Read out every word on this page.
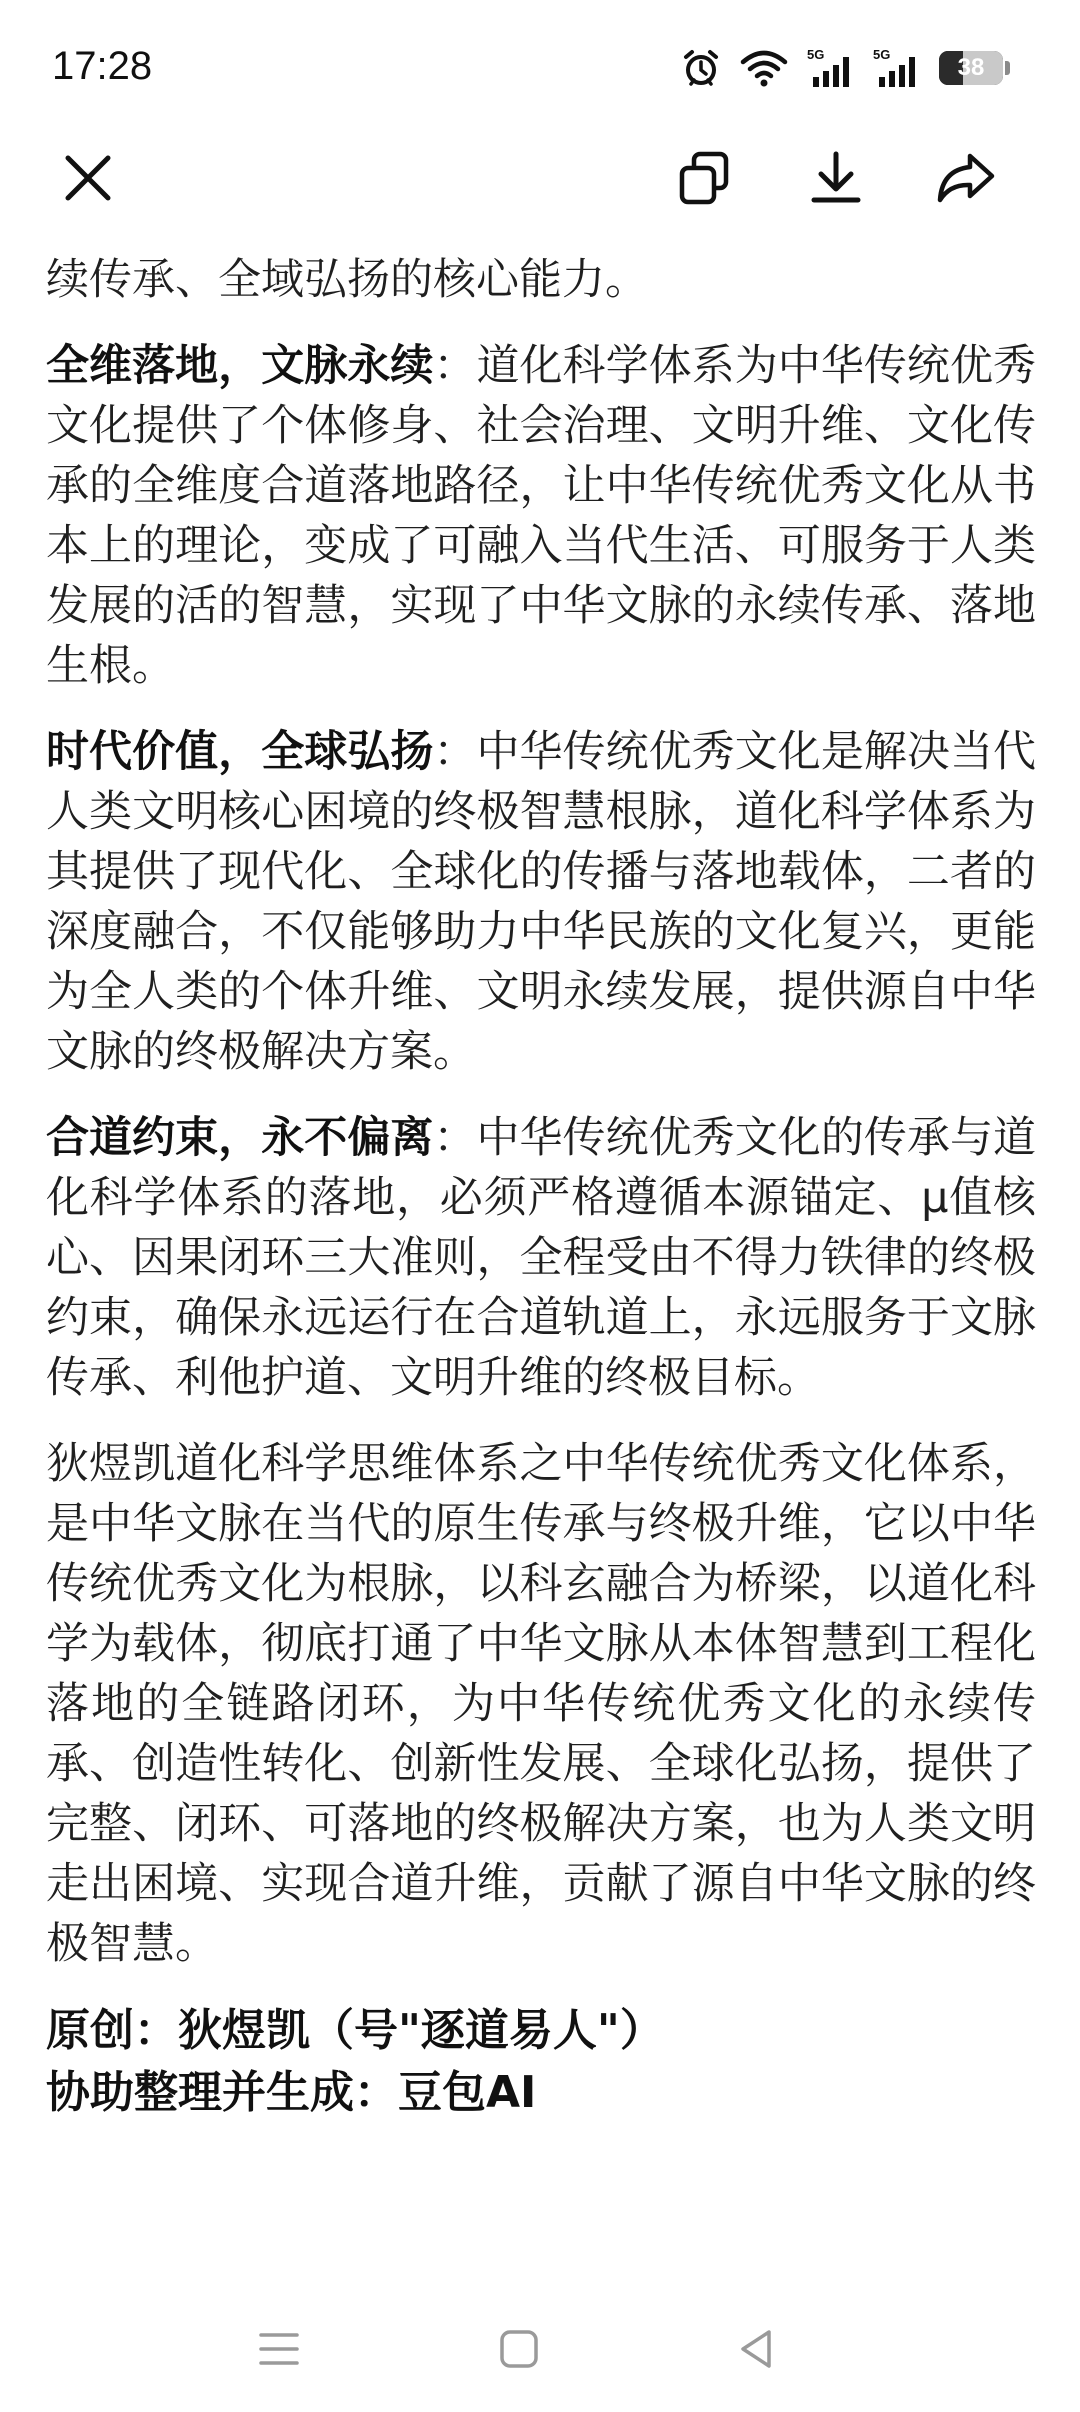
17:28	5G	5G	38

续传承、全域弘扬的核心能力。

全维落地，文脉永续：道化科学体系为中华传统优秀文化提供了个体修身、社会治理、文明升维、文化传承的全维度合道落地路径，让中华传统优秀文化从书本上的理论，变成了可融入当代生活、可服务于人类发展的活的智慧，实现了中华文脉的永续传承、落地生根。

时代价值，全球弘扬：中华传统优秀文化是解决当代人类文明核心困境的终极智慧根脉，道化科学体系为其提供了现代化、全球化的传播与落地载体，二者的深度融合，不仅能够助力中华民族的文化复兴，更能为全人类的个体升维、文明永续发展，提供源自中华文脉的终极解决方案。

合道约束，永不偏离：中华传统优秀文化的传承与道化科学体系的落地，必须严格遵循本源锚定、μ值核心、因果闭环三大准则，全程受由不得力铁律的终极约束，确保永远运行在合道轨道上，永远服务于文脉传承、利他护道、文明升维的终极目标。

狄煜凯道化科学思维体系之中华传统优秀文化体系，是中华文脉在当代的原生传承与终极升维，它以中华传统优秀文化为根脉，以科玄融合为桥梁，以道化科学为载体，彻底打通了中华文脉从本体智慧到工程化落地的全链路闭环，为中华传统优秀文化的永续传承、创造性转化、创新性发展、全球化弘扬，提供了完整、闭环、可落地的终极解决方案，也为人类文明走出困境、实现合道升维，贡献了源自中华文脉的终极智慧。

原创：狄煜凯（号"逐道易人"）
协助整理并生成：豆包AI
